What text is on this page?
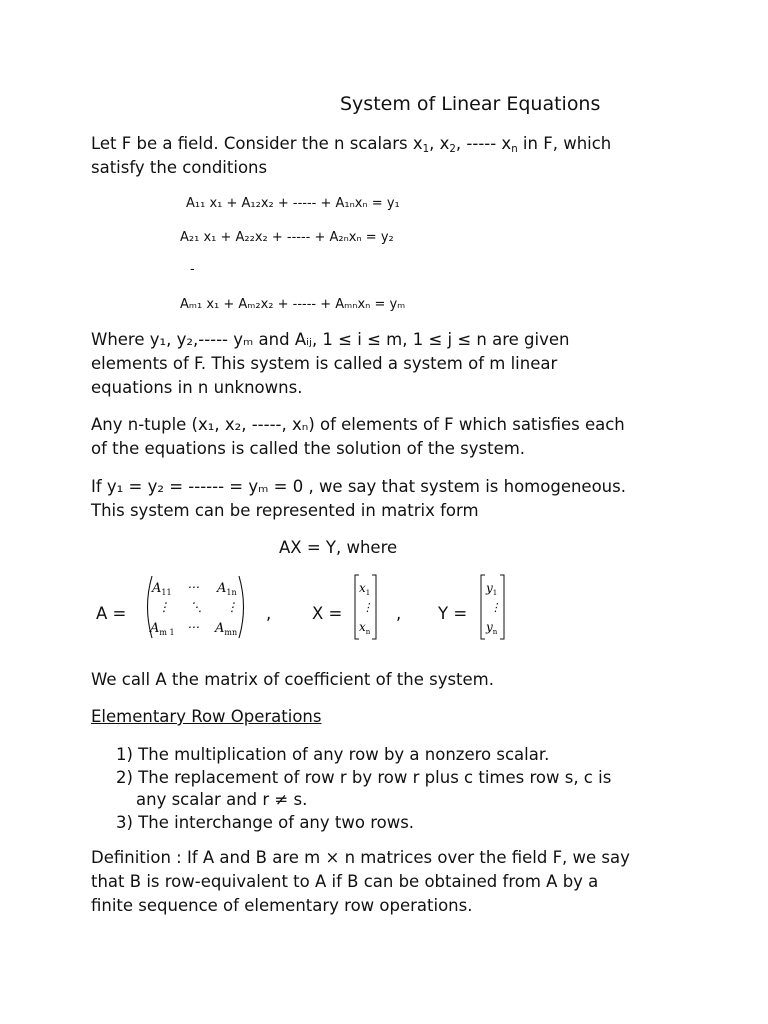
System of Linear Equations
Let F be a field. Consider the n scalars $x_1$, $x_2$, ----- $x_n$ in F, which
satisfy the conditions
A₁₁ x₁ + A₁₂x₂ + ----- + A₁ₙxₙ = y₁
A₂₁ x₁ + A₂₂x₂ + ----- + A₂ₙxₙ = y₂
-
Aₘ₁ x₁ + Aₘ₂x₂ + ----- + Aₘₙxₙ = yₘ
Where y₁, y₂,----- yₘ and Aᵢⱼ, 1 ≤ i ≤ m, 1 ≤ j ≤ n are given
elements of F. This system is called a system of m linear
equations in n unknowns.
Any n-tuple (x₁, x₂, -----, xₙ) of elements of F which satisfies each
of the equations is called the solution of the system.
If y₁ = y₂ = ------ = yₘ = 0 , we say that system is homogeneous.
This system can be represented in matrix form
AX = Y, where
A =	, X =	, Y =
$A_{11}$ ⋯ $A_{1n}$
⋮ ⋱ ⋮
$A_{m 1}$ ⋯ $A_{mn}$
$x_1$
⋮
$x_n$
$y_1$
⋮
$y_n$
We call A the matrix of coefficient of the system.
Elementary Row Operations
1) The multiplication of any row by a nonzero scalar.
2) The replacement of row r by row r plus c times row s, c is
any scalar and r ≠ s.
3) The interchange of any two rows.
Definition : If A and B are m × n matrices over the field F, we say
that B is row-equivalent to A if B can be obtained from A by a
finite sequence of elementary row operations.
